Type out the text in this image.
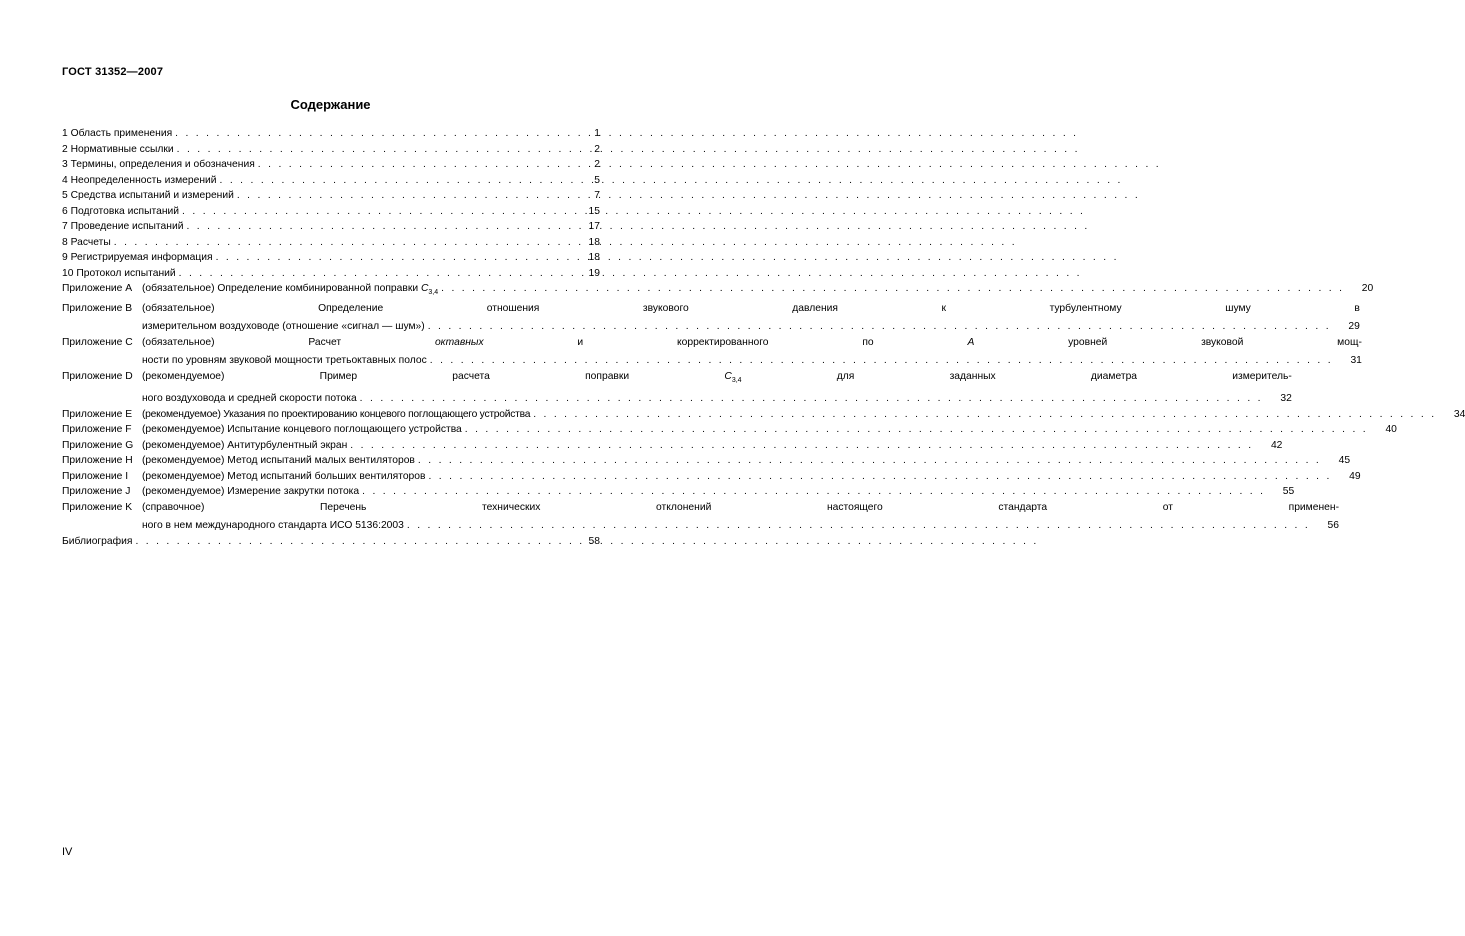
ГОСТ 31352—2007
Содержание
1 Область применения . . .	1
2 Нормативные ссылки . . .	2
3 Термины, определения и обозначения . . .	2
4 Неопределенность измерений . . .	5
5 Средства испытаний и измерений . . .	7
6 Подготовка испытаний . . .	15
7 Проведение испытаний . . .	17
8 Расчеты . . .	18
9 Регистрируемая информация . . .	18
10 Протокол испытаний . . .	19
Приложение A (обязательное) Определение комбинированной поправки $C_{3,4}$ . . .	20
Приложение B (обязательное) Определение отношения звукового давления к турбулентному шуму в
измерительном воздуховоде (отношение «сигнал — шум») . . .	29
Приложение C (обязательное) Расчет октавных и корректированного по A уровней звуковой мощ-
ности по уровням звуковой мощности третьоктавных полос . . .	31
Приложение D (рекомендуемое) Пример расчета поправки $C_{3,4}$ для заданных диаметра измеритель-
ного воздуховода и средней скорости потока . . .	32
Приложение E (рекомендуемое) Указания по проектированию концевого поглощающего устройства . . .	34
Приложение F	(рекомендуемое) Испытание концевого поглощающего устройства . . .	40
Приложение G (рекомендуемое) Антитурбулентный экран . . .	42
Приложение H (рекомендуемое) Метод испытаний малых вентиляторов . . .	45
Приложение I	(рекомендуемое) Метод испытаний больших вентиляторов . . .	49
Приложение J	(рекомендуемое) Измерение закрутки потока . . .	55
Приложение K (справочное) Перечень технических отклонений настоящего стандарта от применен-
ного в нем международного стандарта ИСО 5136:2003 . . .	56
Библиография . . .	58
IV
